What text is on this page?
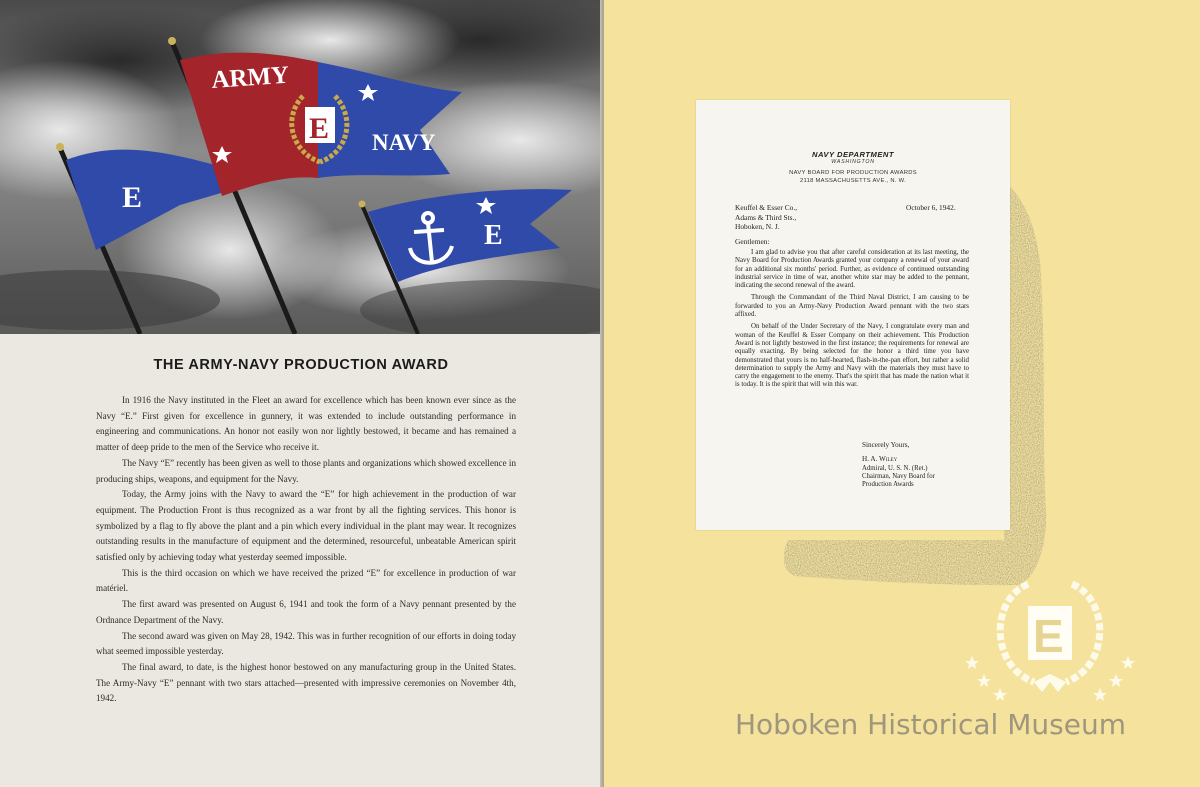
E
ARMY
NAVY
E
E
THE ARMY-NAVY PRODUCTION AWARD

In 1916 the Navy instituted in the Fleet an award for excellence which has been known ever since as the Navy “E.” First given for excellence in gunnery, it was extended to include outstanding performance in engineering and communications. An honor not easily won nor lightly bestowed, it became and has remained a matter of deep pride to the men of the Service who receive it.

The Navy “E” recently has been given as well to those plants and organizations which showed excellence in producing ships, weapons, and equipment for the Navy.

Today, the Army joins with the Navy to award the “E” for high achievement in the production of war equipment. The Production Front is thus recognized as a war front by all the fighting services. This honor is symbolized by a flag to fly above the plant and a pin which every individual in the plant may wear. It recognizes outstanding results in the manufacture of equipment and the determined, resourceful, unbeatable American spirit satisfied only by achieving today what yesterday seemed impossible.

This is the third occasion on which we have received the prized “E” for excellence in production of war matériel.

The first award was presented on August 6, 1941 and took the form of a Navy pennant presented by the Ordnance Department of the Navy.

The second award was given on May 28, 1942. This was in further recognition of our efforts in doing today what seemed impossible yesterday.

The final award, to date, is the highest honor bestowed on any manufacturing group in the United States. The Army-Navy “E” pennant with two stars attached—presented with impressive ceremonies on November 4th, 1942.

NAVY DEPARTMENT
WASHINGTON
NAVY BOARD FOR PRODUCTION AWARDS
2118 MASSACHUSETTS AVE., N. W.
Keuffel & Esser Co.,
Adams & Third Sts.,
Hoboken, N. J.
October 6, 1942.
Gentlemen:

I am glad to advise you that after careful consideration at its last meeting, the Navy Board for Production Awards granted your company a renewal of your award for an additional six months' period. Further, as evidence of continued outstanding industrial service in time of war, another white star may be added to the pennant, indicating the second renewal of the award.

Through the Commandant of the Third Naval District, I am causing to be forwarded to you an Army-Navy Production Award pennant with the two stars affixed.

On behalf of the Under Secretary of the Navy, I congratulate every man and woman of the Keuffel & Esser Company on their achievement. This Production Award is not lightly bestowed in the first instance; the requirements for renewal are equally exacting. By being selected for the honor a third time you have demonstrated that yours is no half-hearted, flash-in-the-pan effort, but rather a solid determination to supply the Army and Navy with the materials they must have to carry the engagement to the enemy. That's the spirit that has made the nation what it is today. It is the spirit that will win this war.

Sincerely Yours,
H. A. Wiley
Admiral, U. S. N. (Ret.)
Chairman, Navy Board for
Production Awards
E
Hoboken Historical Museum
